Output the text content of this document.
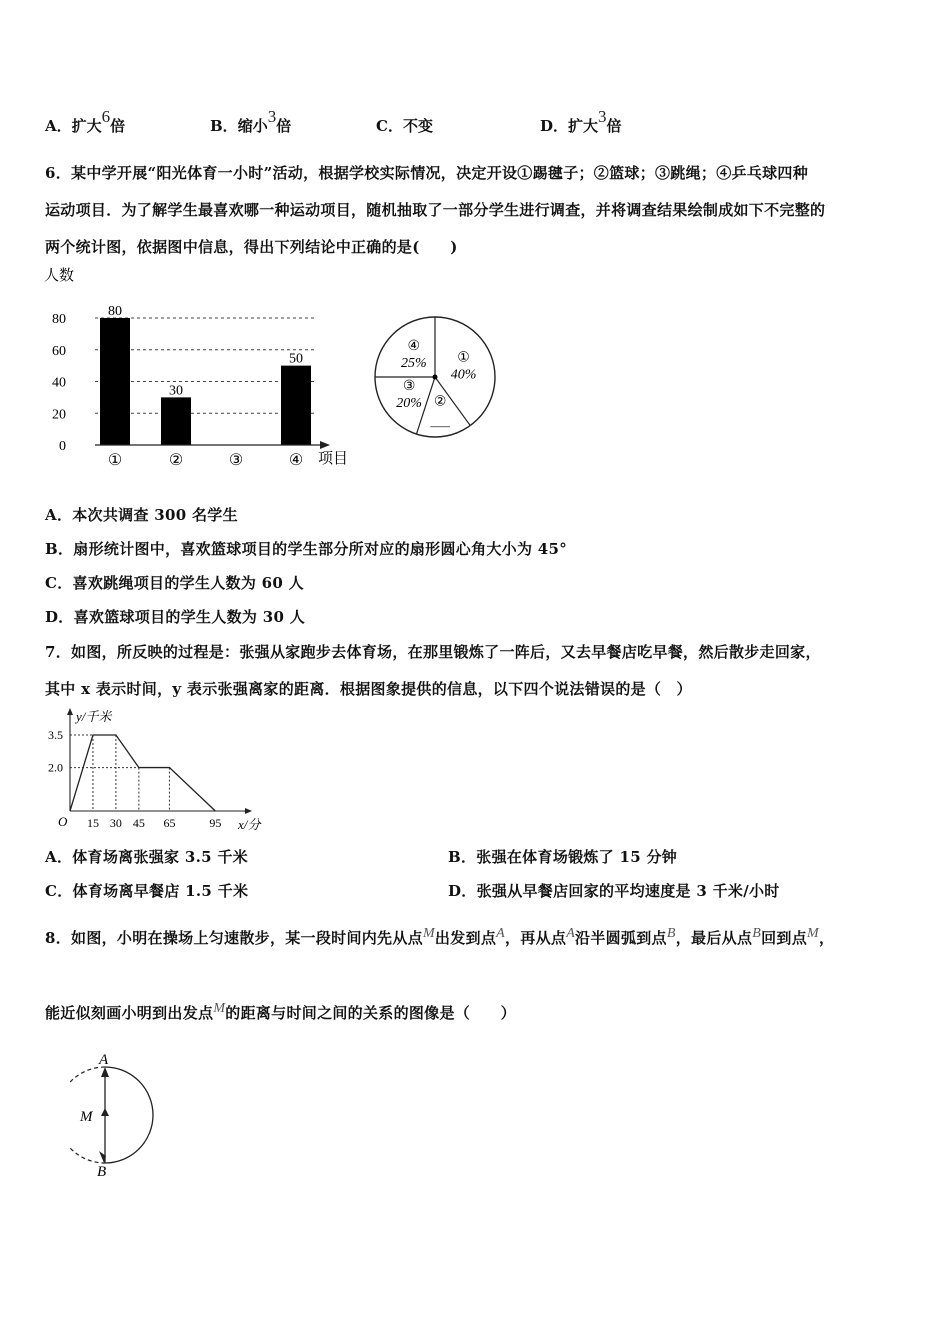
A．扩大6倍	B．缩小3倍	C．不变	D．扩大3倍
6．某中学开展“阳光体育一小时”活动，根据学校实际情况，决定开设①踢毽子；②篮球；③跳绳；④乒乓球四种
运动项目．为了解学生最喜欢哪一种运动项目，随机抽取了一部分学生进行调查，并将调查结果绘制成如下不完整的
两个统计图，依据图中信息，得出下列结论中正确的是(　　)
人数
0
20
40
60
80
80
30
50
①	②	③	④ 项目
①
40%
②
___
③
20%
④
25%
A．本次共调查 300 名学生
B．扇形统计图中，喜欢篮球项目的学生部分所对应的扇形圆心角大小为 45°
C．喜欢跳绳项目的学生人数为 60 人
D．喜欢篮球项目的学生人数为 30 人
7．如图，所反映的过程是：张强从家跑步去体育场，在那里锻炼了一阵后，又去早餐店吃早餐，然后散步走回家，
其中 x 表示时间，y 表示张强离家的距离．根据图象提供的信息，以下四个说法错误的是（　）
y/千米
x/分
O
2.0
3.5
15 30 45 65	95
A．体育场离张强家 3.5 千米	B．张强在体育场锻炼了 15 分钟
C．体育场离早餐店 1.5 千米	D．张强从早餐店回家的平均速度是 3 千米/小时
8．如图，小明在操场上匀速散步，某一段时间内先从点M出发到点A，再从点A沿半圆弧到点B，最后从点B回到点M，
能近似刻画小明到出发点M的距离与时间之间的关系的图像是（　　）
A
M
B
